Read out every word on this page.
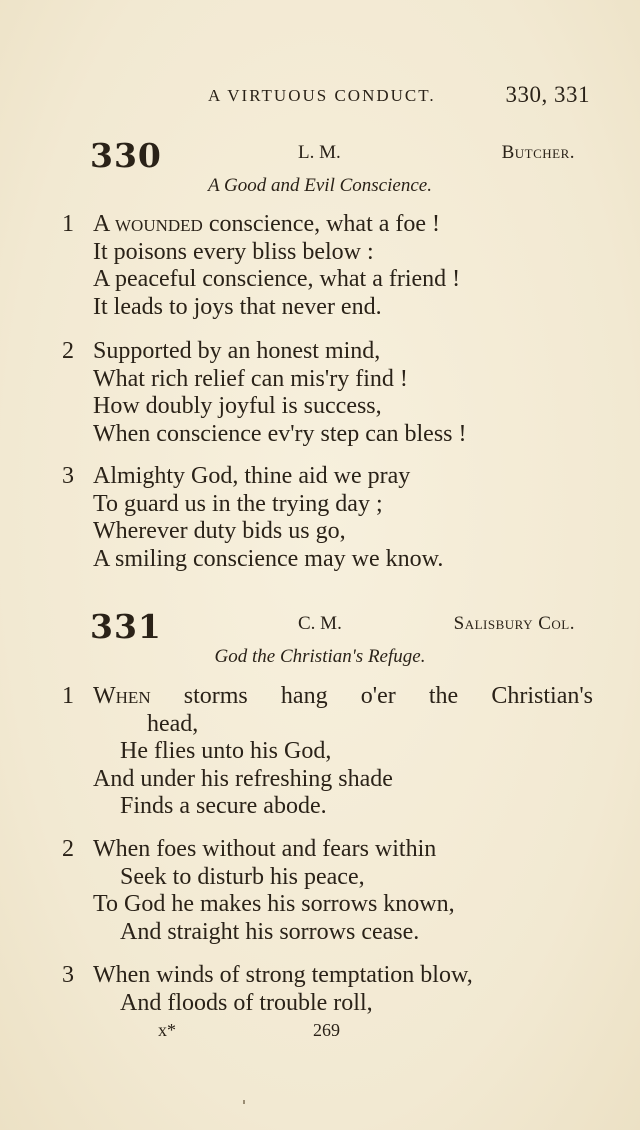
A VIRTUOUS CONDUCT.	330, 331
330	L. M.	Butcher.
A Good and Evil Conscience.
1 A wounded conscience, what a foe !
It poisons every bliss below :
A peaceful conscience, what a friend !
It leads to joys that never end.
2 Supported by an honest mind,
What rich relief can mis'ry find !
How doubly joyful is success,
When conscience ev'ry step can bless !
3 Almighty God, thine aid we pray
To guard us in the trying day ;
Wherever duty bids us go,
A smiling conscience may we know.
331	C. M.	Salisbury Col.
God the Christian's Refuge.
1 When storms hang o'er the Christian's
head,
He flies unto his God,
And under his refreshing shade
Finds a secure abode.
2 When foes without and fears within
Seek to disturb his peace,
To God he makes his sorrows known,
And straight his sorrows cease.
3 When winds of strong temptation blow,
And floods of trouble roll,
x*	269
